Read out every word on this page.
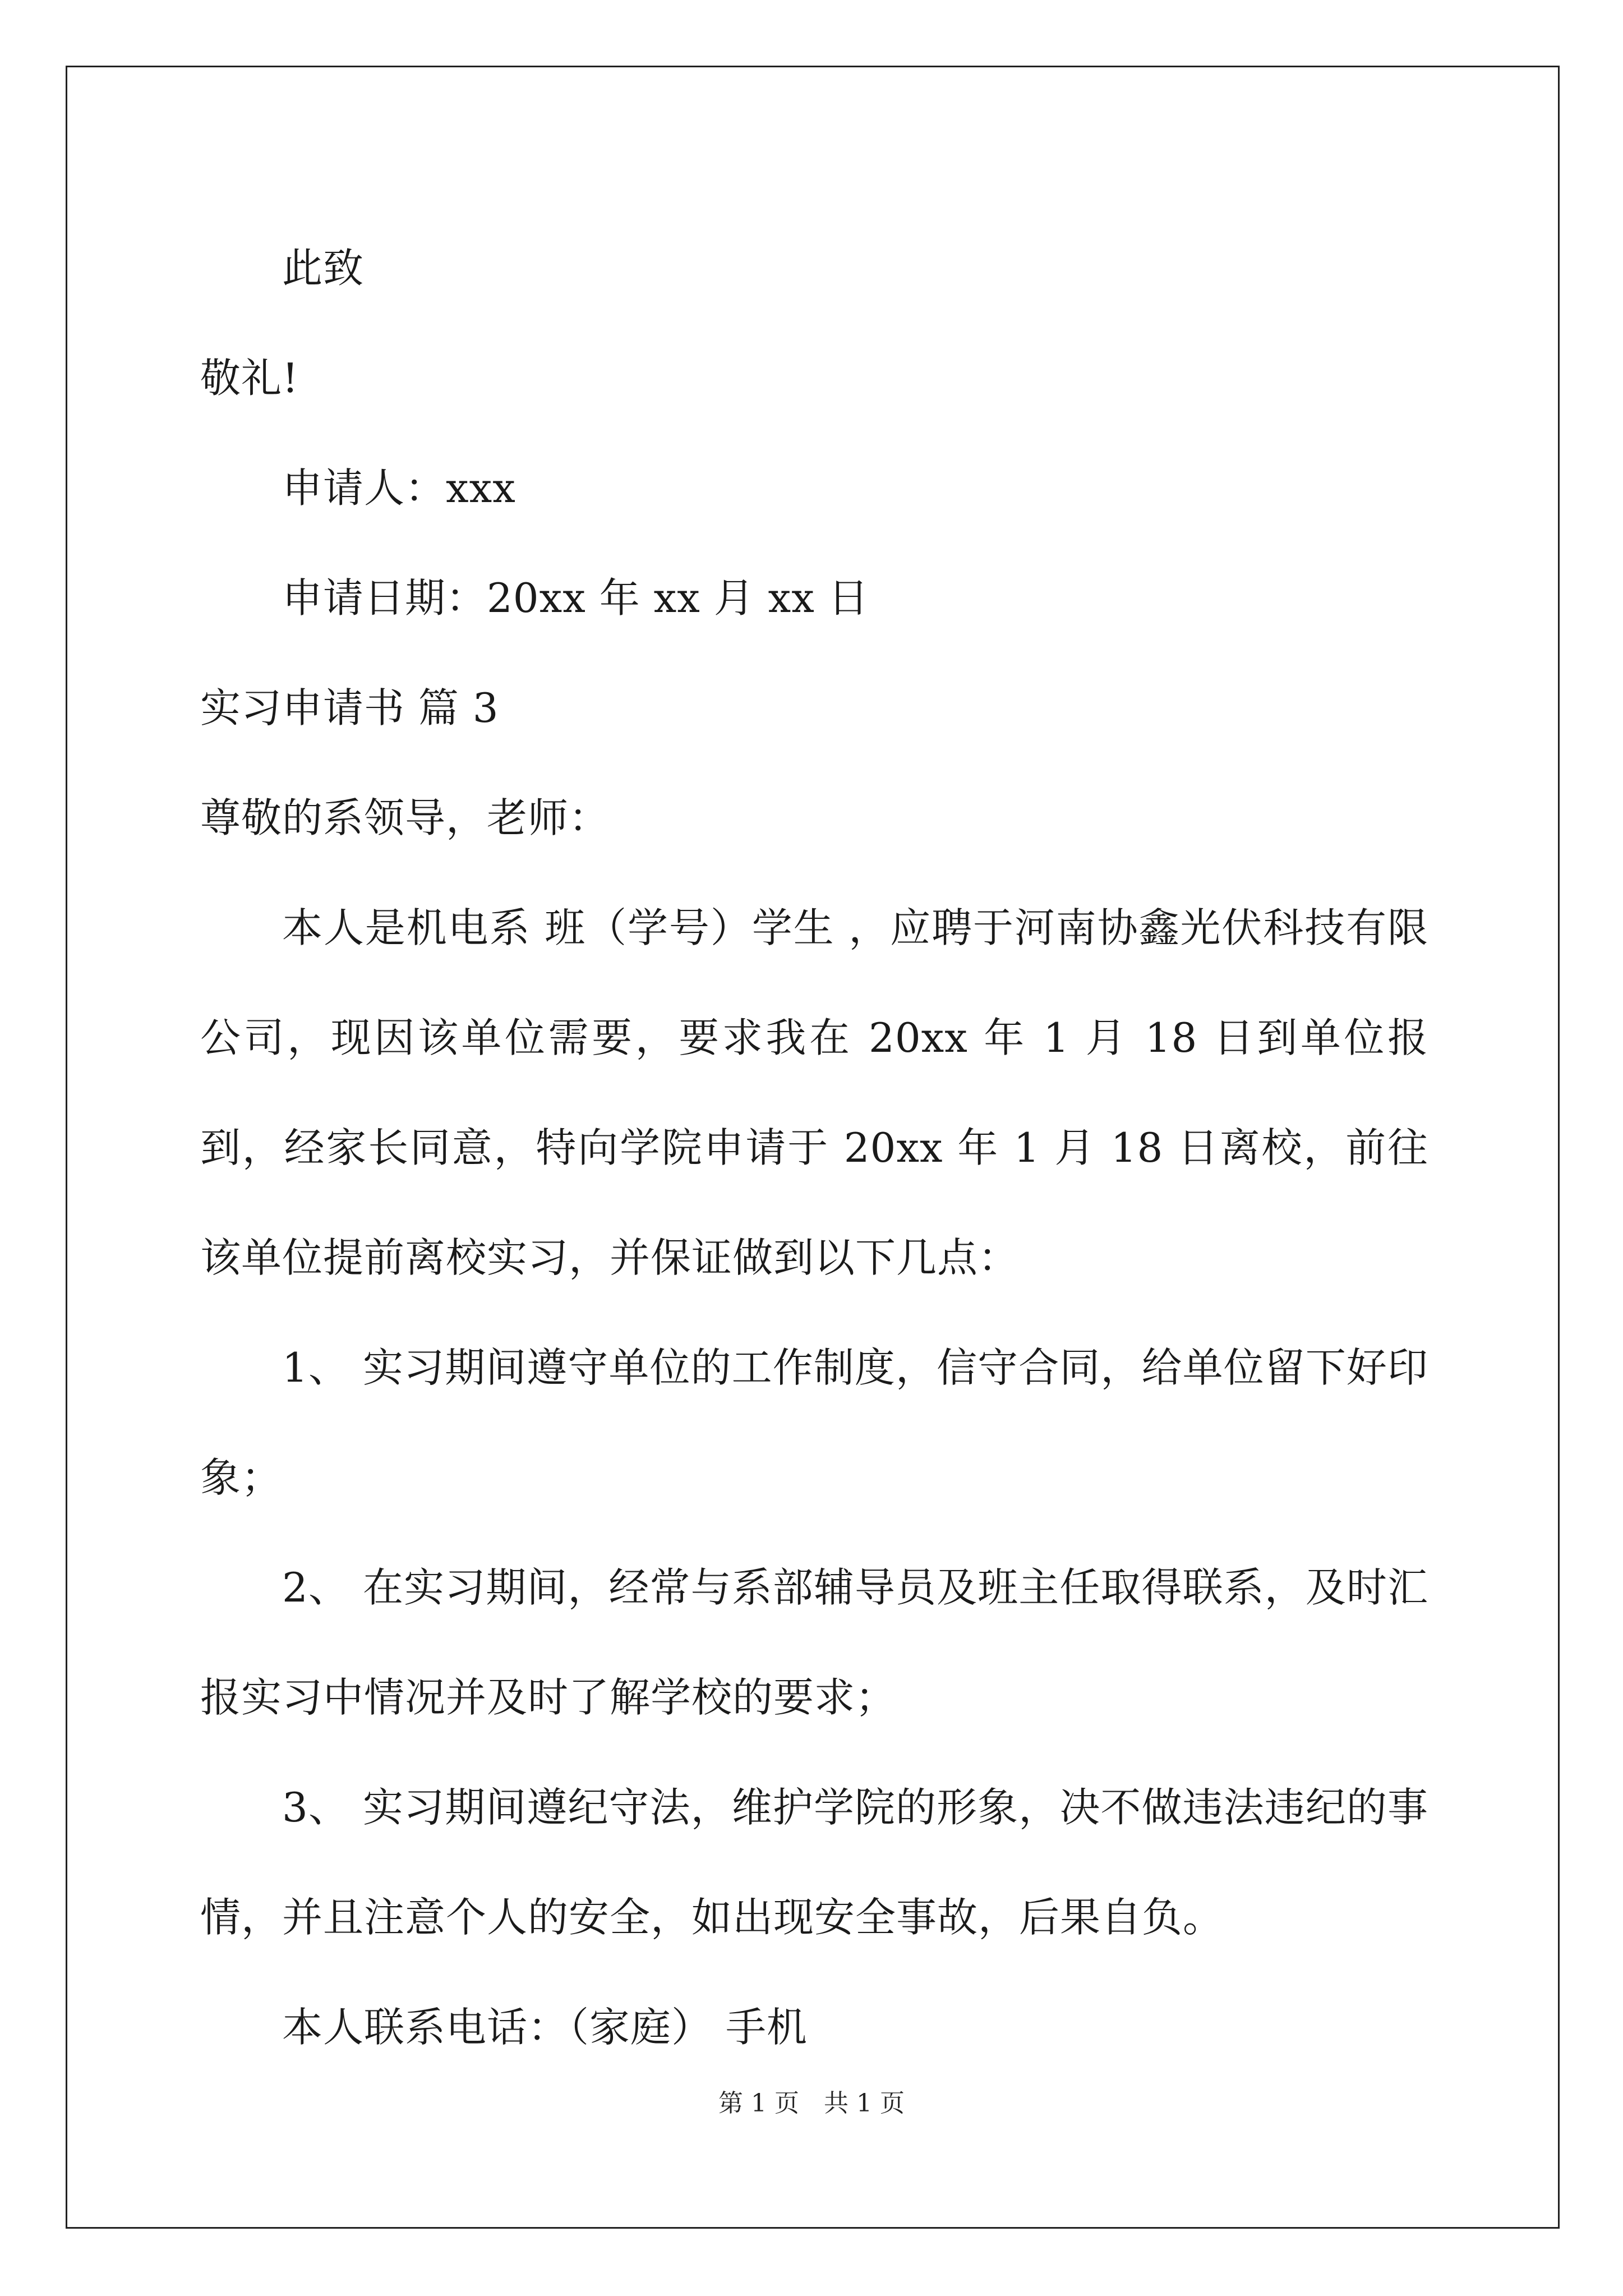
此致

敬礼!

申请人：xxx

申请日期：20xx 年 xx 月 xx 日

实习申请书 篇 3

尊敬的系领导，老师：

本人是机电系 班（学号）学生 ，应聘于河南协鑫光伏科技有限公司，现因该单位需要，要求我在 20xx 年 1 月 18 日到单位报到，经家长同意，特向学院申请于 20xx 年 1 月 18 日离校，前往该单位提前离校实习，并保证做到以下几点：

1、 实习期间遵守单位的工作制度，信守合同，给单位留下好印象；

2、 在实习期间，经常与系部辅导员及班主任取得联系，及时汇报实习中情况并及时了解学校的要求；

3、 实习期间遵纪守法，维护学院的形象，决不做违法违纪的事情，并且注意个人的安全，如出现安全事故，后果自负。

本人联系电话：（家庭） 手机

第 1 页　共 1 页
